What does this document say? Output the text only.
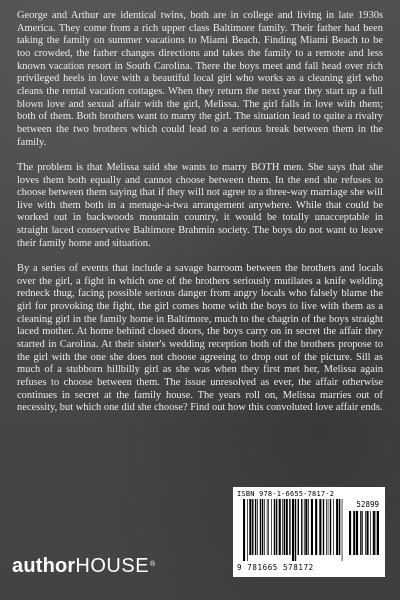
George and Arthur are identical twins, both are in college and living in late 1930s America. They come from a rich upper class Baltimore family. Their father had been taking the family on summer vacations to Miami Beach. Finding Miami Beach to be too crowded, the father changes directions and takes the family to a remote and less known vacation resort in South Carolina. There the boys meet and fall head over rich privileged heels in love with a beautiful local girl who works as a cleaning girl who cleans the rental vacation cottages. When they return the next year they start up a full blown love and sexual affair with the girl, Melissa. The girl falls in love with them; both of them. Both brothers want to marry the girl. The situation lead to quite a rivalry between the two brothers which could lead to a serious break between them in the family.

The problem is that Melissa said she wants to marry BOTH men. She says that she loves them both equally and cannot choose between them. In the end she refuses to choose between them saying that if they will not agree to a three-way marriage she will live with them both in a menage-a-twa arrangement anywhere. While that could be worked out in backwoods mountain country, it would be totally unacceptable in straight laced conservative Baltimore Brahmin society. The boys do not want to leave their family home and situation.

By a series of events that include a savage barroom between the brothers and locals over the girl, a fight in which one of the brothers seriously mutilates a knife welding redneck thug, facing possible serious danger from angry locals who falsely blame the girl for provoking the fight, the girl comes home with the boys to live with them as a cleaning girl in the family home in Baltimore, much to the chagrin of the boys straight laced mother. At home behind closed doors, the boys carry on in secret the affair they started in Carolina. At their sister's wedding reception both of the brothers propose to the girl with the one she does not choose agreeing to drop out of the picture. Sill as much of a stubborn hillbilly girl as she was when they first met her, Melissa again refuses to choose between them. The issue unresolved as ever, the affair otherwise continues in secret at the family house. The years roll on, Melissa marries out of necessity, but which one did she choose? Find out how this convoluted love affair ends.

ISBN 978-1-6655-7817-2
52899
9 781665 578172
authorHOUSE®
